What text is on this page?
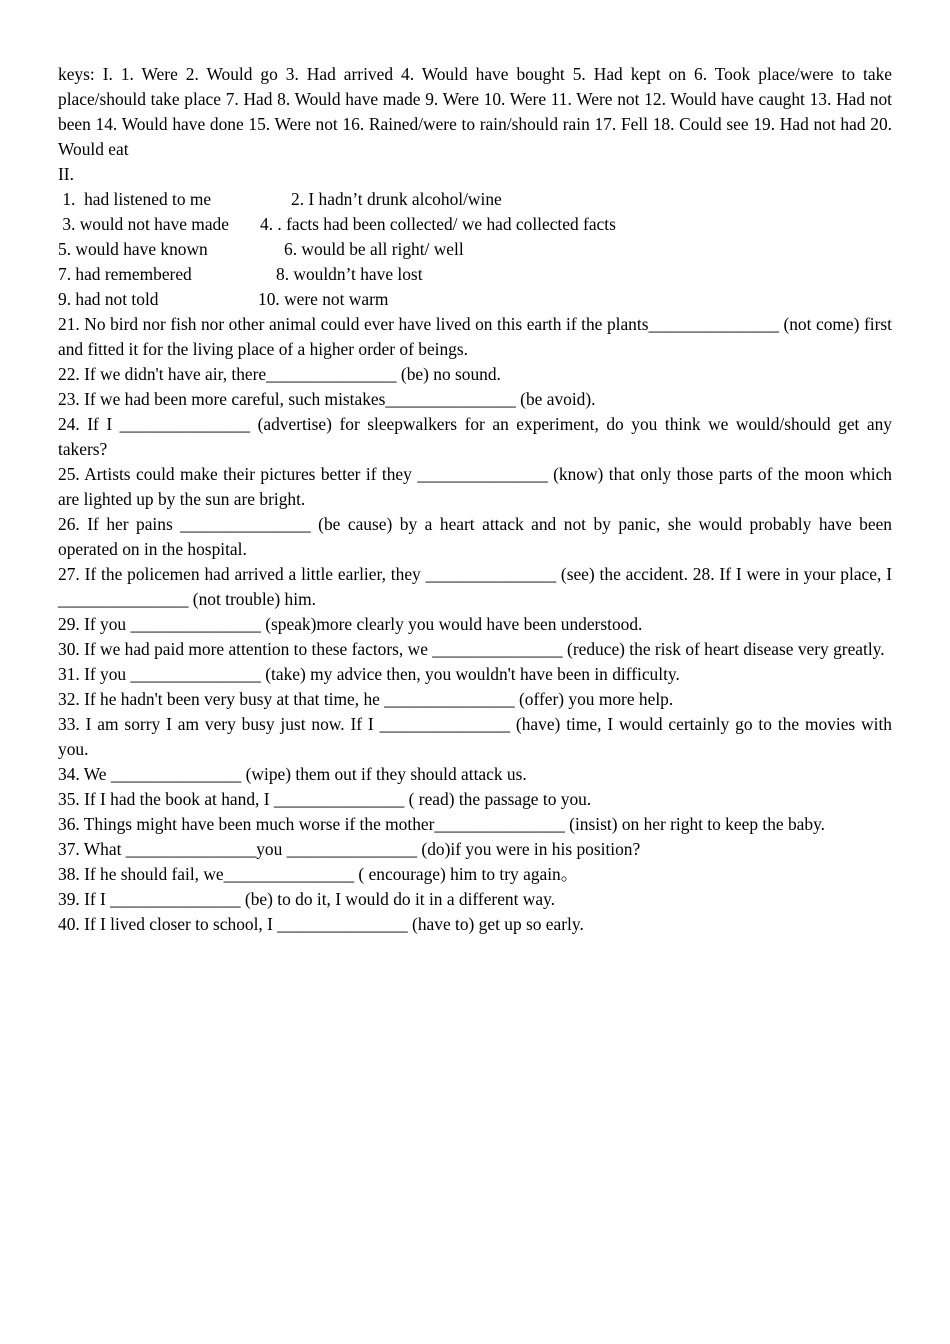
keys: I. 1. Were 2. Would go 3. Had arrived 4. Would have bought 5. Had kept on 6. Took place/were to take place/should take place 7. Had 8. Would have made 9. Were 10. Were 11. Were not 12. Would have caught 13. Had not been 14. Would have done 15. Were not 16. Rained/were to rain/should rain 17. Fell 18. Could see 19. Had not had 20. Would eat

II.
1.  had listened to me	2. I hadn’t drunk alcohol/wine
3. would not have made 4. . facts had been collected/ we had collected facts
5. would have known	6. would be all right/ well
7. had remembered	8. wouldn’t have lost
9. had not told	10. were not warm

21. No bird nor fish nor other animal could ever have lived on this earth if the plants_______________ (not come) first and fitted it for the living place of a higher order of beings.

22. If we didn't have air, there_______________ (be) no sound.

23. If we had been more careful, such mistakes_______________ (be avoid).

24. If I _______________ (advertise) for sleepwalkers for an experiment, do you think we would/should get any takers?

25. Artists could make their pictures better if they _______________ (know) that only those parts of the moon which are lighted up by the sun are bright.

26. If her pains _______________ (be cause) by a heart attack and not by panic, she would probably have been operated on in the hospital.

27. If the policemen had arrived a little earlier, they _______________ (see) the accident. 28. If I were in your place, I _______________ (not trouble) him.

29. If you _______________ (speak)more clearly you would have been understood.

30. If we had paid more attention to these factors, we _______________ (reduce) the risk of heart disease very greatly.

31. If you _______________ (take) my advice then, you wouldn't have been in difficulty.

32. If he hadn't been very busy at that time, he _______________ (offer) you more help.

33. I am sorry I am very busy just now. If I _______________ (have) time, I would certainly go to the movies with you.

34. We _______________ (wipe) them out if they should attack us.

35. If I had the book at hand, I _______________ ( read) the passage to you.

36. Things might have been much worse if the mother_______________ (insist) on her right to keep the baby.

37. What _______________you _______________ (do)if you were in his position?

38. If he should fail, we_______________ ( encourage) him to try again。

39. If I _______________ (be) to do it, I would do it in a different way.

40. If I lived closer to school, I _______________ (have to) get up so early.
